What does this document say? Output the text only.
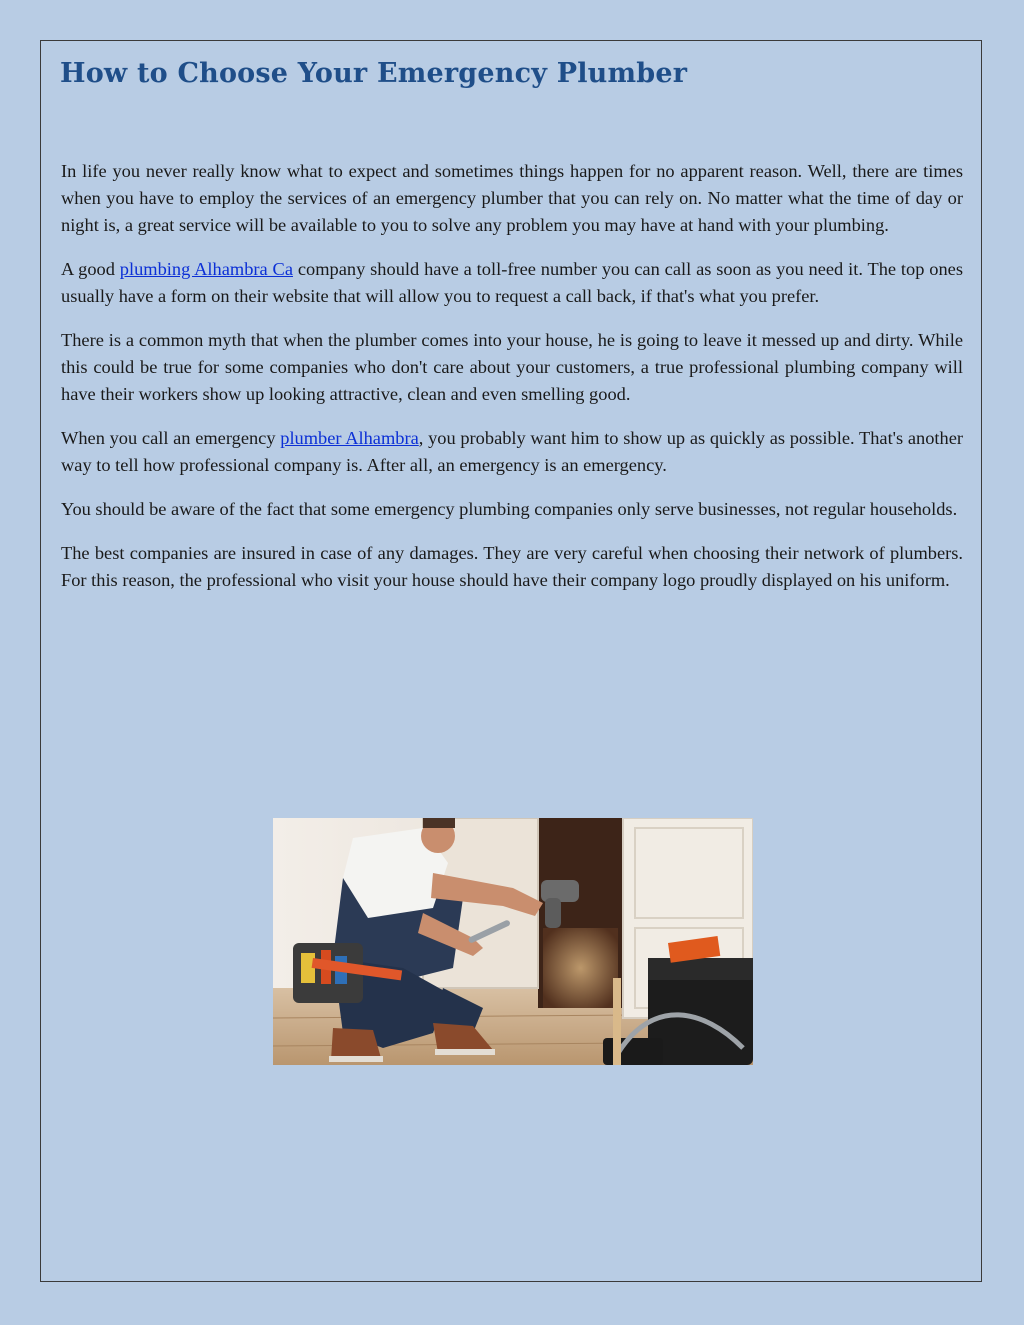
How to Choose Your Emergency Plumber

In life you never really know what to expect and sometimes things happen for no apparent reason. Well, there are times when you have to employ the services of an emergency plumber that you can rely on. No matter what the time of day or night is, a great service will be available to you to solve any problem you may have at hand with your plumbing.

A good plumbing Alhambra Ca company should have a toll-free number you can call as soon as you need it. The top ones usually have a form on their website that will allow you to request a call back, if that's what you prefer.

There is a common myth that when the plumber comes into your house, he is going to leave it messed up and dirty. While this could be true for some companies who don't care about your customers, a true professional plumbing company will have their workers show up looking attractive, clean and even smelling good.

When you call an emergency plumber Alhambra, you probably want him to show up as quickly as possible. That's another way to tell how professional company is. After all, an emergency is an emergency.

You should be aware of the fact that some emergency plumbing companies only serve businesses, not regular households.

The best companies are insured in case of any damages. They are very careful when choosing their network of plumbers. For this reason, the professional who visit your house should have their company logo proudly displayed on his uniform.
